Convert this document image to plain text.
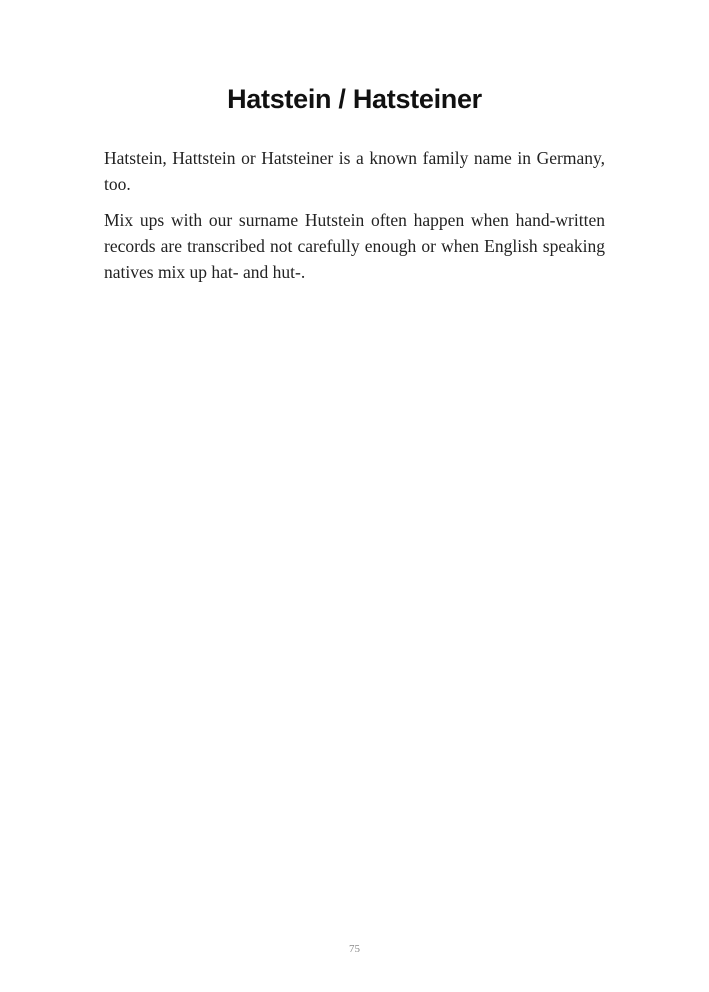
Hatstein / Hatsteiner

Hatstein, Hattstein or Hatsteiner is a known family name in Germany, too.

Mix ups with our surname Hutstein often happen when hand-written records are transcribed not carefully enough or when English speaking natives mix up hat- and hut-.

75
